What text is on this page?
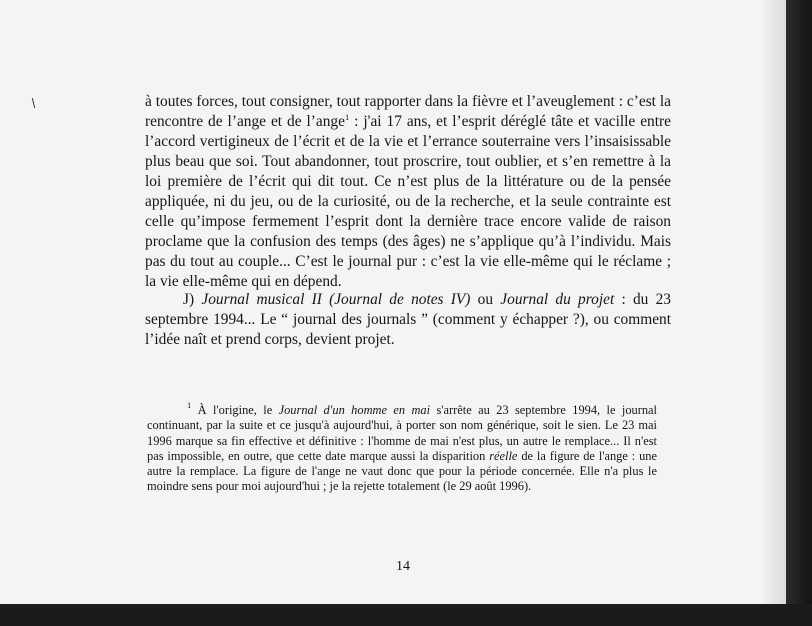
à toutes forces, tout consigner, tout rapporter dans la fièvre et l’aveuglement : c’est la rencontre de l’ange et de l’ange$^1$ : j'ai 17 ans, et l’esprit déréglé tâte et vacille entre l’accord vertigineux de l’écrit et de la vie et l’errance souterraine vers l’insaisissable plus beau que soi. Tout abandonner, tout proscrire, tout oublier, et s’en remettre à la loi première de l’écrit qui dit tout. Ce n’est plus de la littérature ou de la pensée appliquée, ni du jeu, ou de la curiosité, ou de la recherche, et la seule contrainte est celle qu’impose fermement l’esprit dont la dernière trace encore valide de raison proclame que la confusion des temps (des âges) ne s’applique qu’à l’individu. Mais pas du tout au couple... C’est le journal pur : c’est la vie elle-même qui le réclame ; la vie elle-même qui en dépend.

J) Journal musical II (Journal de notes IV) ou Journal du projet : du 23 septembre 1994... Le “ journal des journals ” (comment y échapper ?), ou comment l’idée naît et prend corps, devient projet.

$^1$ À l'origine, le Journal d'un homme en mai s'arrête au 23 septembre 1994, le journal continuant, par la suite et ce jusqu'à aujourd'hui, à porter son nom générique, soit le sien. Le 23 mai 1996 marque sa fin effective et définitive : l'homme de mai n'est plus, un autre le remplace... Il n'est pas impossible, en outre, que cette date marque aussi la disparition réelle de la figure de l'ange : une autre la remplace. La figure de l'ange ne vaut donc que pour la période concernée. Elle n'a plus le moindre sens pour moi aujourd'hui ; je la rejette totalement (le 29 août 1996).

14
